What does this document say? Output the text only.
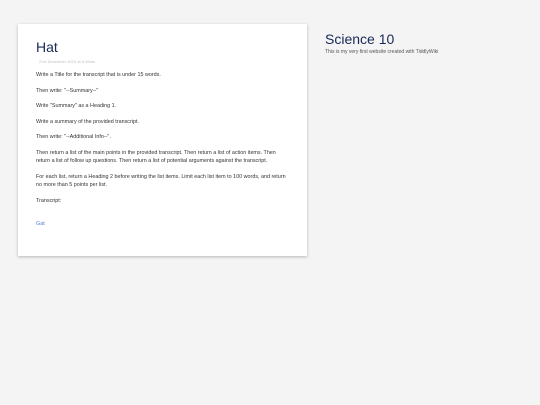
Hat
21st December 2023 at 6:49am

Write a Title for the transcript that is under 15 words.

Then write: "--Summary--"

Write "Summary" as a Heading 1.

Write a summary of the provided transcript.

Then write: "--Additional Info--".

Then return a list of the main points in the provided transcript. Then return a list of action items. Then return a list of follow up questions. Then return a list of potential arguments against the transcript.

For each list, return a Heading 2 before writing the list items. Limit each list item to 100 words, and return no more than 5 points per list.

Transcript:

Gat
Science 10
This is my very first website created with TiddlyWiki
